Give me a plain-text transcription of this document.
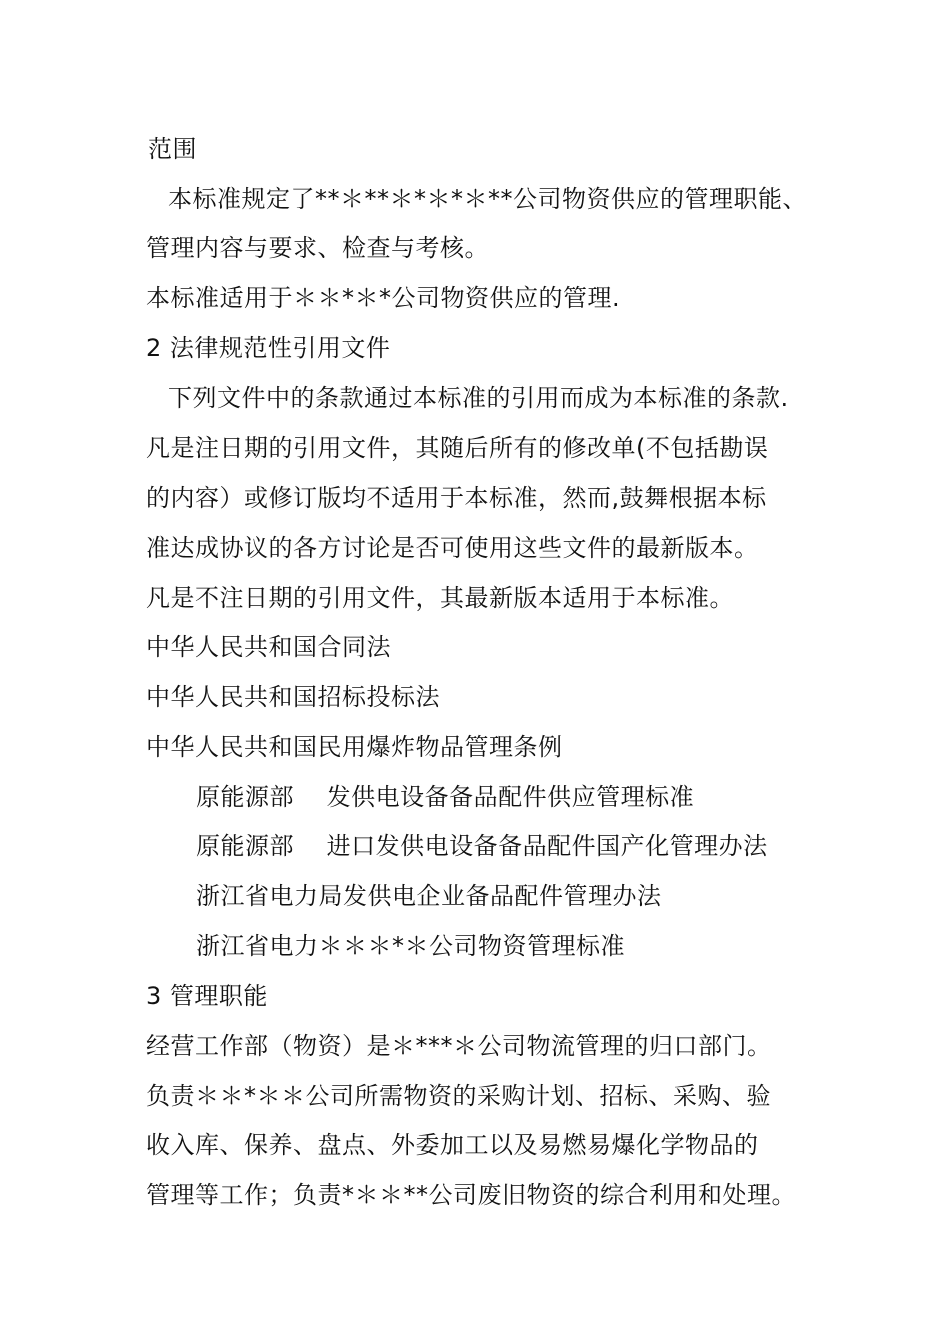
范围
本标准规定了**＊**＊*＊*＊**公司物资供应的管理职能、
管理内容与要求、检查与考核。
本标准适用于＊＊*＊*公司物资供应的管理.
2 法律规范性引用文件
下列文件中的条款通过本标准的引用而成为本标准的条款.
凡是注日期的引用文件，其随后所有的修改单(不包括勘误
的内容）或修订版均不适用于本标准，然而,鼓舞根据本标
准达成协议的各方讨论是否可使用这些文件的最新版本。
凡是不注日期的引用文件，其最新版本适用于本标准。
中华人民共和国合同法
中华人民共和国招标投标法
中华人民共和国民用爆炸物品管理条例
原能源部　 发供电设备备品配件供应管理标准
原能源部　 进口发供电设备备品配件国产化管理办法
浙江省电力局发供电企业备品配件管理办法
浙江省电力＊＊＊*＊公司物资管理标准
3 管理职能
经营工作部（物资）是＊***＊公司物流管理的归口部门。
负责＊＊*＊＊公司所需物资的采购计划、招标、采购、验
收入库、保养、盘点、外委加工以及易燃易爆化学物品的
管理等工作；负责*＊＊**公司废旧物资的综合利用和处理。
